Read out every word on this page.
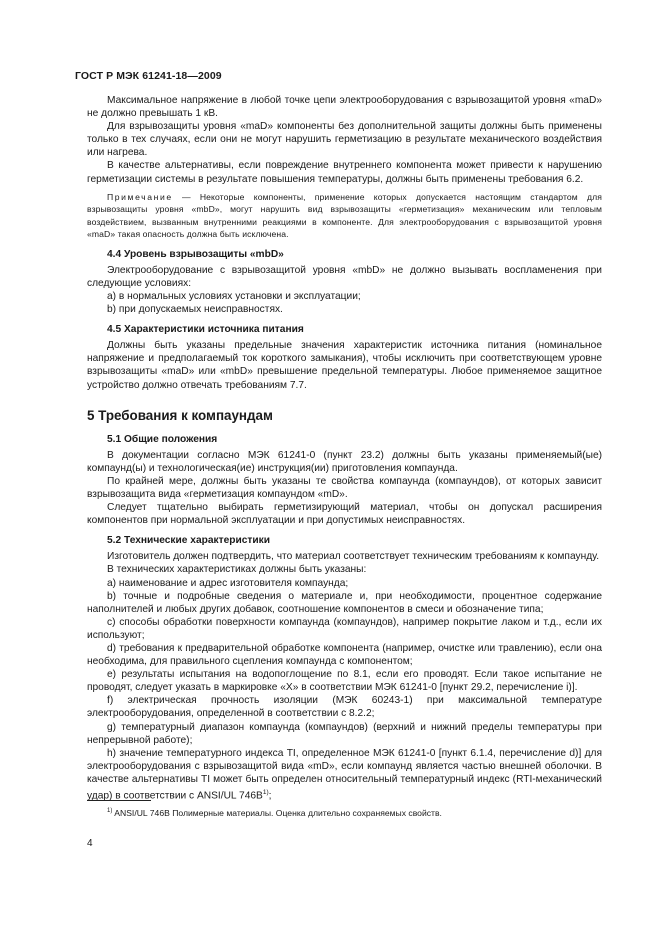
ГОСТ Р МЭК 61241-18—2009

Максимальное напряжение в любой точке цепи электрооборудования с взрывозащитой уровня «maD» не должно превышать 1 кВ.

Для взрывозащиты уровня «maD» компоненты без дополнительной защиты должны быть применены только в тех случаях, если они не могут нарушить герметизацию в результате механического воздействия или нагрева.

В качестве альтернативы, если повреждение внутреннего компонента может привести к нарушению герметизации системы в результате повышения температуры, должны быть применены требования 6.2.

Примечание — Некоторые компоненты, применение которых допускается настоящим стандартом для взрывозащиты уровня «mbD», могут нарушить вид взрывозащиты «герметизация» механическим или тепловым воздействием, вызванным внутренними реакциями в компоненте. Для электрооборудования с взрывозащитой уровня «maD» такая опасность должна быть исключена.

4.4 Уровень взрывозащиты «mbD»

Электрооборудование с взрывозащитой уровня «mbD» не должно вызывать воспламенения при следующие условиях:

a) в нормальных условиях установки и эксплуатации;

b) при допускаемых неисправностях.

4.5 Характеристики источника питания

Должны быть указаны предельные значения характеристик источника питания (номинальное напряжение и предполагаемый ток короткого замыкания), чтобы исключить при соответствующем уровне взрывозащиты «maD» или «mbD» превышение предельной температуры. Любое применяемое защитное устройство должно отвечать требованиям 7.7.

5 Требования к компаундам

5.1 Общие положения

В документации согласно МЭК 61241-0 (пункт 23.2) должны быть указаны применяемый(ые) компаунд(ы) и технологическая(ие) инструкция(ии) приготовления компаунда.

По крайней мере, должны быть указаны те свойства компаунда (компаундов), от которых зависит взрывозащита вида «герметизация компаундом «mD».

Следует тщательно выбирать герметизирующий материал, чтобы он допускал расширения компонентов при нормальной эксплуатации и при допустимых неисправностях.

5.2 Технические характеристики

Изготовитель должен подтвердить, что материал соответствует техническим требованиям к компаунду.

В технических характеристиках должны быть указаны:

a) наименование и адрес изготовителя компаунда;

b) точные и подробные сведения о материале и, при необходимости, процентное содержание наполнителей и любых других добавок, соотношение компонентов в смеси и обозначение типа;

c) способы обработки поверхности компаунда (компаундов), например покрытие лаком и т.д., если их используют;

d) требования к предварительной обработке компонента (например, очистке или травлению), если она необходима, для правильного сцепления компаунда с компонентом;

e) результаты испытания на водопоглощение по 8.1, если его проводят. Если такое испытание не проводят, следует указать в маркировке «X» в соответствии МЭК 61241-0 [пункт 29.2, перечисление i)].

f) электрическая прочность изоляции (МЭК 60243-1) при максимальной температуре электрооборудования, определенной в соответствии с 8.2.2;

g) температурный диапазон компаунда (компаундов) (верхний и нижний пределы температуры при непрерывной работе);

h) значение температурного индекса TI, определенное МЭК 61241-0 [пункт 6.1.4, перечисление d)] для электрооборудования с взрывозащитой вида «mD», если компаунд является частью внешней оболочки. В качестве альтернативы TI может быть определен относительный температурный индекс (RTI-механический удар) в соответствии с ANSI/UL $746B^{1)}$;

$^{1)}$ ANSI/UL 746B Полимерные материалы. Оценка длительно сохраняемых свойств.
4
